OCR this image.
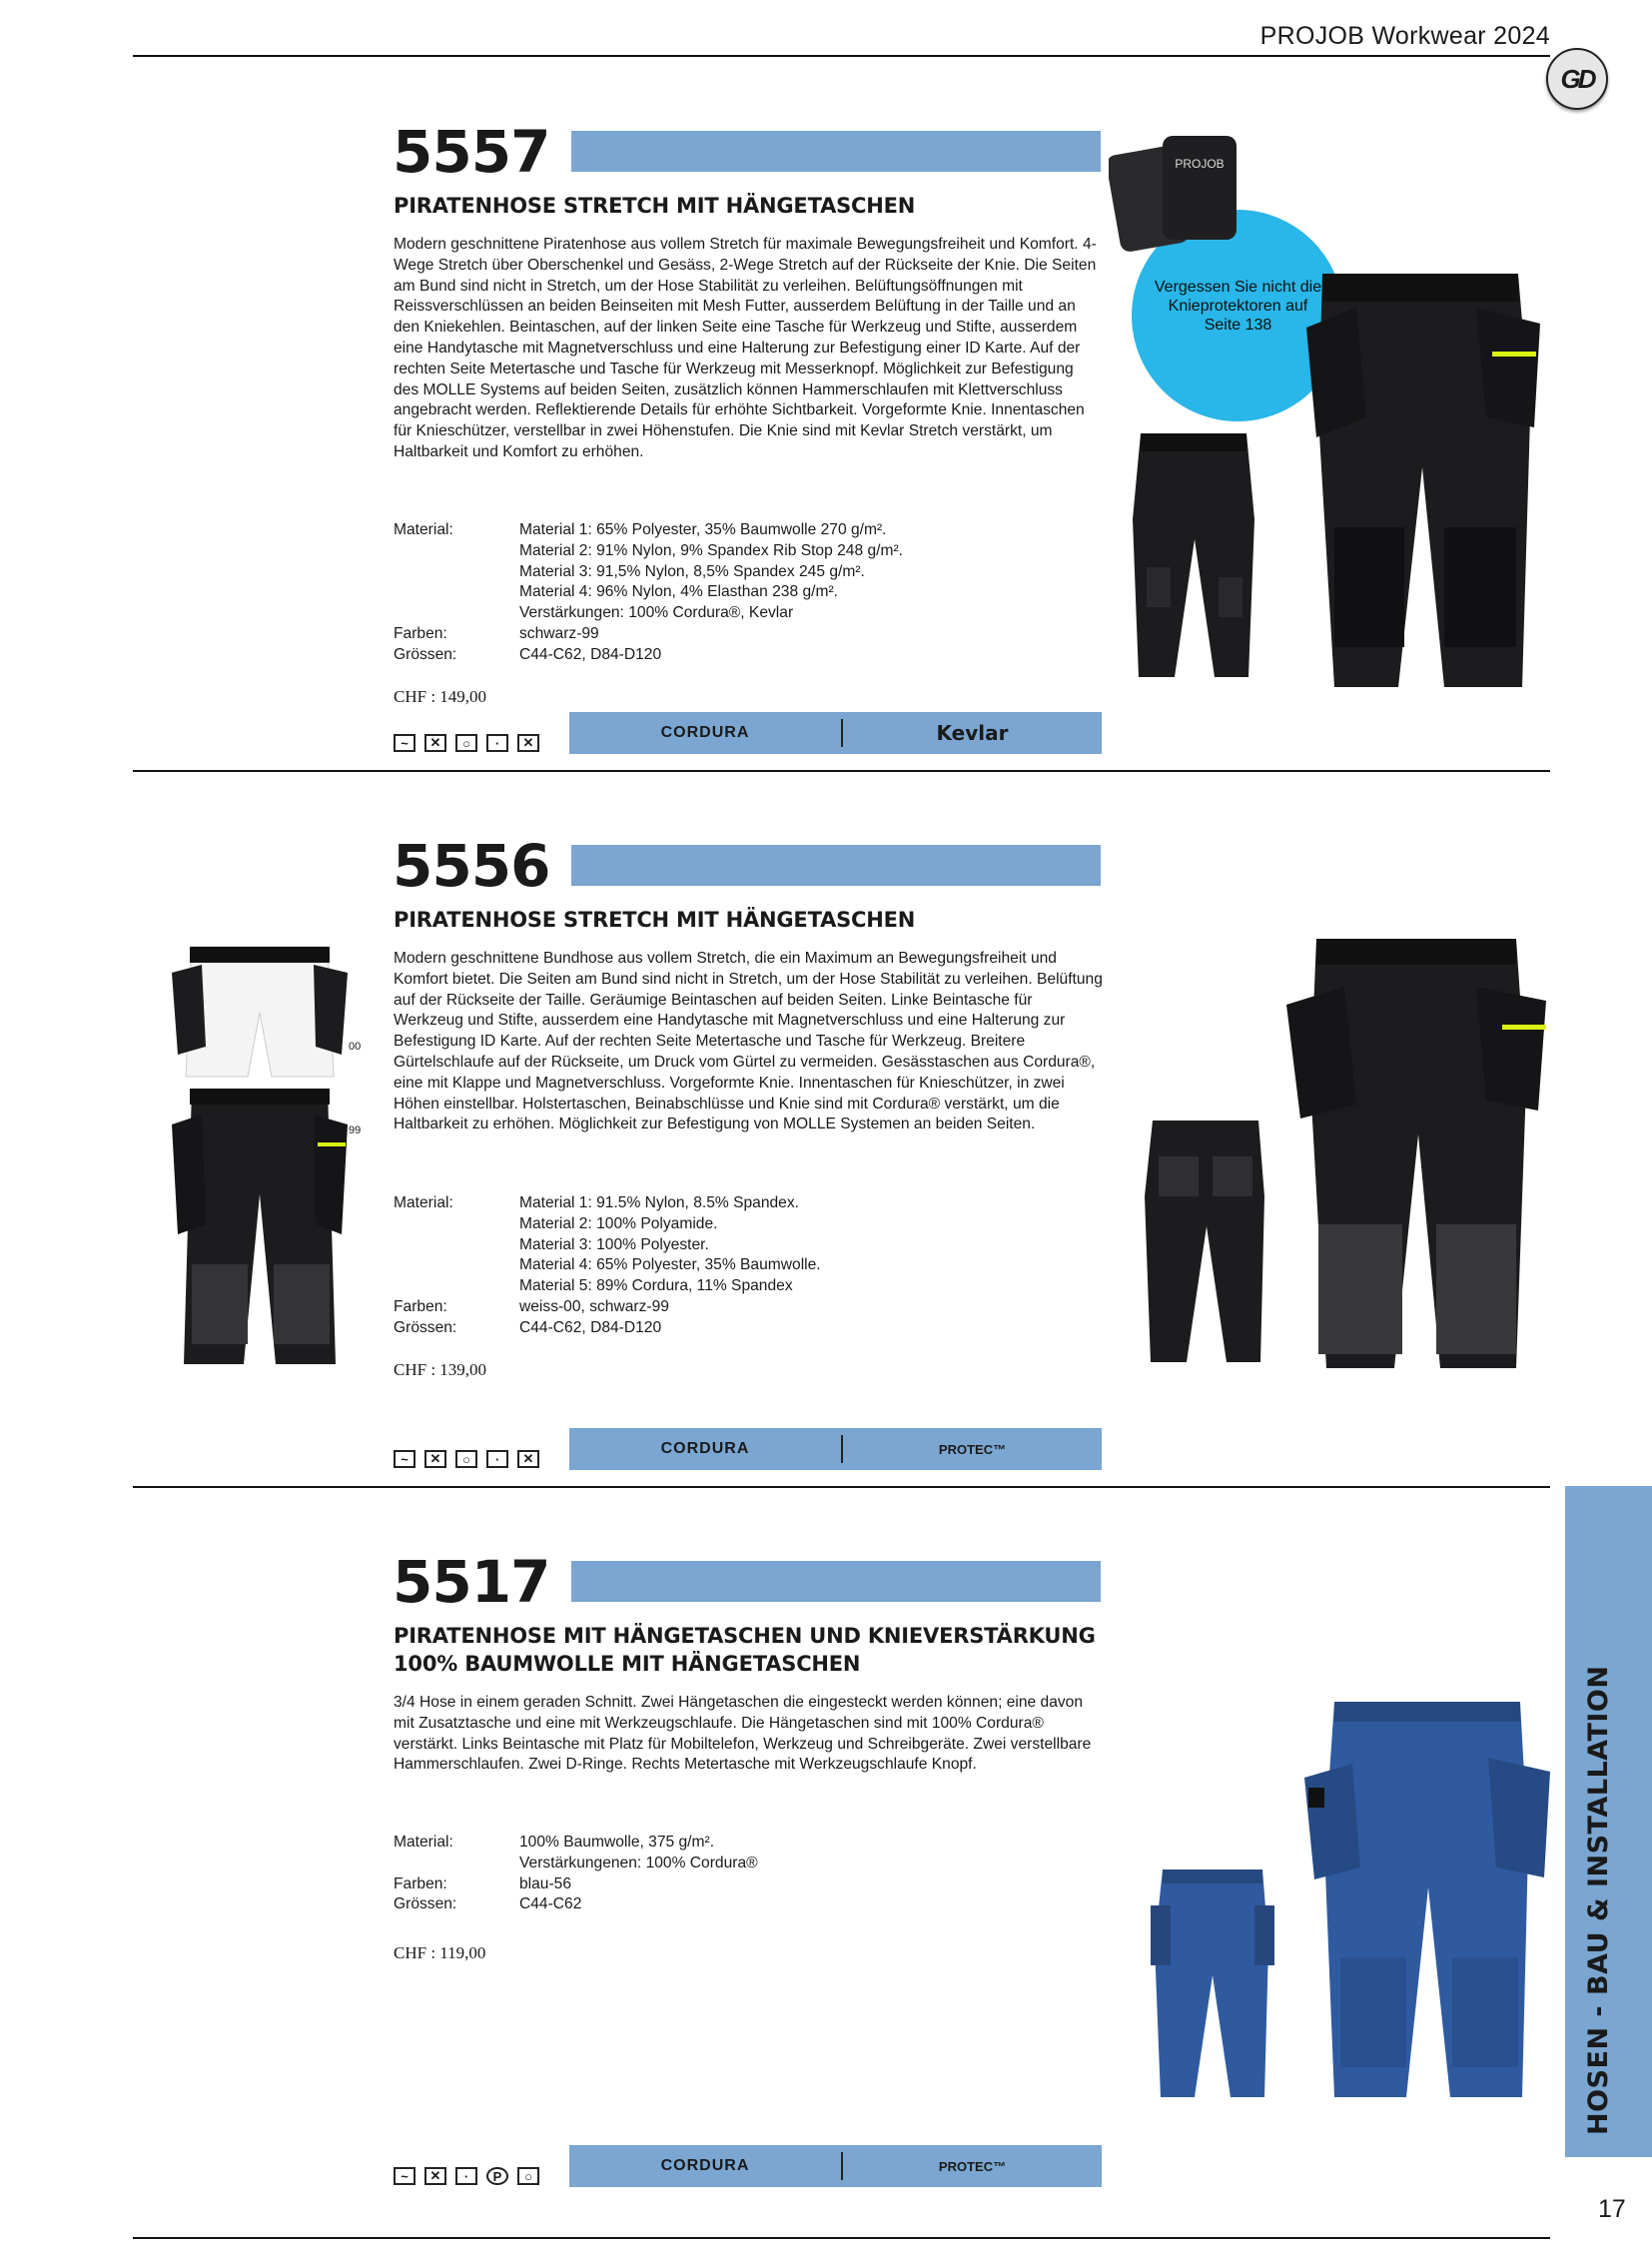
PROJOB Workwear 2024
GD
5557
PIRATENHOSE STRETCH MIT HÄNGETASCHEN
Modern geschnittene Piratenhose aus vollem Stretch für maximale Bewegungsfreiheit und Komfort. 4-Wege Stretch über Oberschenkel und Gesäss, 2-Wege Stretch auf der Rückseite der Knie. Die Seiten am Bund sind nicht in Stretch, um der Hose Stabilität zu verleihen. Belüftungsöffnungen mit Reissverschlüssen an beiden Beinseiten mit Mesh Futter, ausserdem Belüftung in der Taille und an den Kniekehlen. Beintaschen, auf der linken Seite eine Tasche für Werkzeug und Stifte, ausserdem eine Handytasche mit Magnetverschluss und eine Halterung zur Befestigung einer ID Karte. Auf der rechten Seite Metertasche und Tasche für Werkzeug mit Messerknopf. Möglichkeit zur Befestigung des MOLLE Systems auf beiden Seiten, zusätzlich können Hammerschlaufen mit Klettverschluss angebracht werden. Reflektierende Details für erhöhte Sichtbarkeit. Vorgeformte Knie. Innentaschen für Knieschützer, verstellbar in zwei Höhenstufen. Die Knie sind mit Kevlar Stretch verstärkt, um Haltbarkeit und Komfort zu erhöhen.
Material:	Material 1: 65% Polyester, 35% Baumwolle 270 g/m².
Material 2: 91% Nylon, 9% Spandex Rib Stop 248 g/m².
Material 3: 91,5% Nylon, 8,5% Spandex 245 g/m².
Material 4: 96% Nylon, 4% Elasthan 238 g/m².
Verstärkungen: 100% Cordura®, Kevlar
Farben:	schwarz-99
Grössen:	C44-C62, D84-D120
CHF : 149,00
~	✕	○	·	✕
CORDURA	Kevlar
Vergessen Sie nicht die Knieprotektoren auf Seite 138
PROJOB
5556
PIRATENHOSE STRETCH MIT HÄNGETASCHEN
Modern geschnittene Bundhose aus vollem Stretch, die ein Maximum an Bewegungsfreiheit und Komfort bietet. Die Seiten am Bund sind nicht in Stretch, um der Hose Stabilität zu verleihen. Belüftung auf der Rückseite der Taille. Geräumige Beintaschen auf beiden Seiten. Linke Beintasche für Werkzeug und Stifte, ausserdem eine Handytasche mit Magnetverschluss und eine Halterung zur Befestigung ID Karte. Auf der rechten Seite Metertasche und Tasche für Werkzeug. Breitere Gürtelschlaufe auf der Rückseite, um Druck vom Gürtel zu vermeiden. Gesässtaschen aus Cordura®, eine mit Klappe und Magnetverschluss. Vorgeformte Knie. Innentaschen für Knieschützer, in zwei Höhen einstellbar. Holstertaschen, Beinabschlüsse und Knie sind mit Cordura® verstärkt, um die Haltbarkeit zu erhöhen. Möglichkeit zur Befestigung von MOLLE Systemen an beiden Seiten.
Material:	Material 1: 91.5% Nylon, 8.5% Spandex.
Material 2: 100% Polyamide.
Material 3: 100% Polyester.
Material 4: 65% Polyester, 35% Baumwolle.
Material 5: 89% Cordura, 11% Spandex
Farben:	weiss-00, schwarz-99
Grössen:	C44-C62, D84-D120
CHF : 139,00
~	✕	○	·	✕
CORDURA	PROTEC™
00
99
5517
PIRATENHOSE MIT HÄNGETASCHEN UND KNIEVERSTÄRKUNG
100% BAUMWOLLE MIT HÄNGETASCHEN
3/4 Hose in einem geraden Schnitt. Zwei Hängetaschen die eingesteckt werden können; eine davon mit Zusatztasche und eine mit Werkzeugschlaufe. Die Hängetaschen sind mit 100% Cordura® verstärkt. Links Beintasche mit Platz für Mobiltelefon, Werkzeug und Schreibgeräte. Zwei verstellbare Hammerschlaufen. Zwei D-Ringe. Rechts Metertasche mit Werkzeugschlaufe Knopf.
Material:	100% Baumwolle, 375 g/m².
Verstärkungenen: 100% Cordura®
Farben:	blau-56
Grössen:	C44-C62
CHF : 119,00
~	✕	·	P	○
CORDURA	PROTEC™
HOSEN - BAU & INSTALLATION
17
